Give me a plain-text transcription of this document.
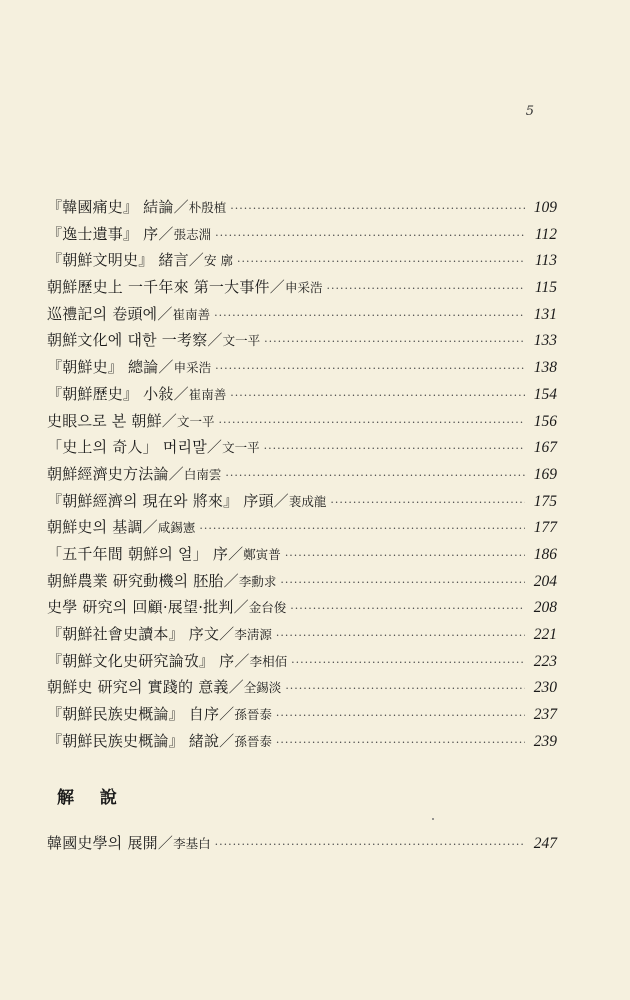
5
『韓國痛史』 結論／ 朴殷植 ·····	109
『逸士遺事』 序／ 張志淵 ·····	112
『朝鮮文明史』 緒言／ 安 廓 ·····	113
朝鮮歷史上 一千年來 第一大事件／ 申采浩 ·····	115
巡禮記의 卷頭에／ 崔南善 ·····	131
朝鮮文化에 대한 一考察／ 文一平 ·····	133
『朝鮮史』 總論／ 申采浩 ·····	138
『朝鮮歷史』 小敍／ 崔南善 ·····	154
史眼으로 본 朝鮮／ 文一平 ·····	156
「史上의 奇人」 머리말／ 文一平 ·····	167
朝鮮經濟史方法論／ 白南雲 ·····	169
『朝鮮經濟의 現在와 將來』 序頭／ 裵成龍 ·····	175
朝鮮史의 基調／ 咸錫憲 ·····	177
「五千年間 朝鮮의 얼」 序／ 鄭寅普 ·····	186
朝鮮農業 研究動機의 胚胎／ 李勳求 ·····	204
史學 研究의 回顧·展望·批判／ 金台俊 ·····	208
『朝鮮社會史讀本』 序文／ 李淸源 ·····	221
『朝鮮文化史研究論攷』 序／ 李相佰 ·····	223
朝鮮史 研究의 實踐的 意義／ 全錫淡 ·····	230
『朝鮮民族史概論』 自序／ 孫晉泰 ·····	237
『朝鮮民族史概論』 緒說／ 孫晉泰 ·····	239
解 說
韓國史學의 展開／ 李基白 ·····	247
